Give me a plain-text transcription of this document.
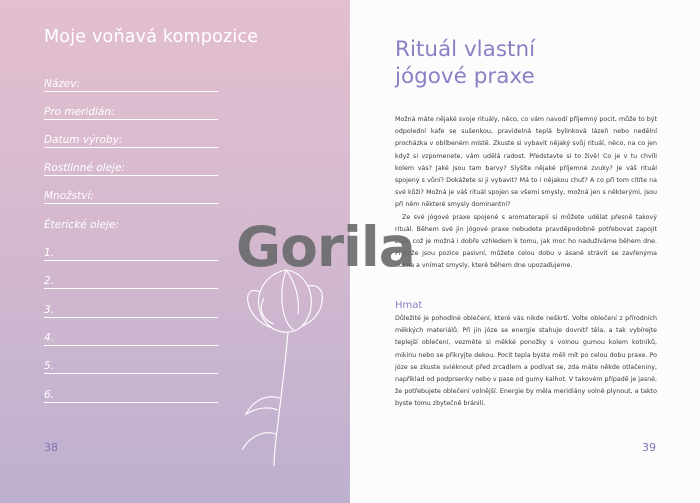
Moje voňavá kompozice
Název:
Pro meridián:
Datum výroby:
Rostlinné oleje:
Množství:
Éterické oleje:
1.
2.
3.
4.
5.
6.
38
Rituál vlastní
jógové praxe

Možná máte nějaké svoje rituály, něco, co vám navodí příjemný pocit, může to být odpolední kafe se sušenkou, pravidelná teplá bylinková lázeň nebo nedělní procházka v oblíbeném místě. Zkuste si vybavit nějaký svůj rituál, něco, na co jen když si vzpomenete, vám udělá radost. Představte si to živě! Co je v tu chvíli kolem vás? Jaké jsou tam barvy? Slyšíte nějaké příjemné zvuky? Je váš rituál spojený s vůní? Dokážete si ji vybavit? Má to i nějakou chuť? A co při tom cítíte na své kůži? Možná je váš rituál spojen se všemi smysly, možná jen s některými, jsou při něm některé smysly dominantní?

Ze své jógové praxe spojené s aromaterapií si můžete udělat přesně takový rituál. Během své jin jógové praxe nebudete pravděpodobně potřebovat zapojit zrak, což je možná i dobře vzhledem k tomu, jak moc ho nadužíváme během dne. Protože jsou pozice pasivní, můžete celou dobu v ásaně strávit se zavřenýma očima a vnímat smysly, které během dne upozaďujeme.

Hmat

Důležité je pohodlné oblečení, které vás nikde neškrtí. Volte oblečení z přírodních měkkých materiálů. Při jin józe se energie stahuje dovnitř těla, a tak vybírejte teplejší oblečení, vezměte si měkké ponožky s volnou gumou kolem kotníků, mikinu nebo se přikryjte dekou. Pocit tepla byste měli mít po celou dobu praxe. Po józe se zkuste sviéknout před zrcadlem a podívat se, zda máte někde otlačeniny, například od podprsenky nebo v pase od gumy kalhot. V takovém případě je jasné, že potřebujete oblečení volnější. Energie by měla meridiány volně plynout, a takto byste tomu zbytečně bránili.

39
Gorila
